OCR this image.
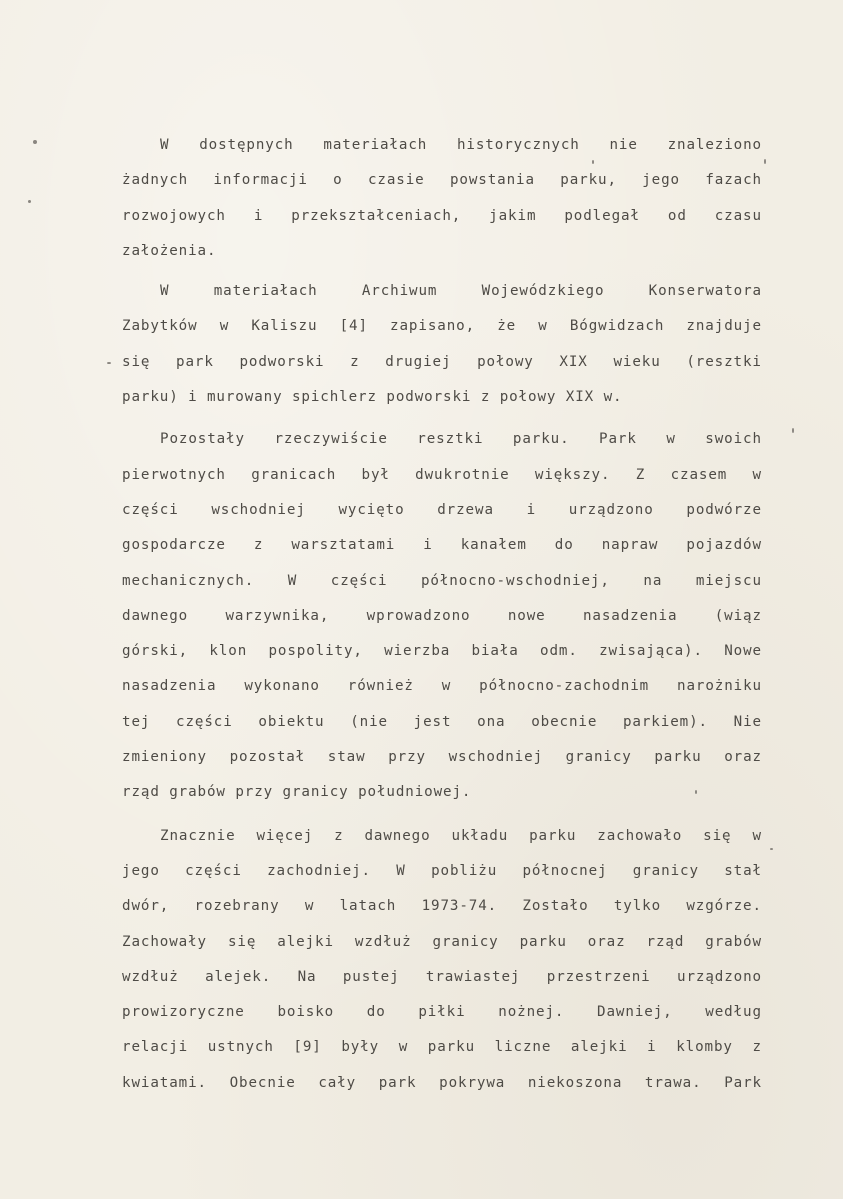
W dostępnych materiałach historycznych nie znaleziono
żadnych informacji o czasie powstania parku, jego fazach
rozwojowych i przekształceniach, jakim podlegał od czasu
założenia.
W	materiałach	Archiwum	Wojewódzkiego	Konserwatora
Zabytków w Kaliszu [4] zapisano, że w Bógwidzach znajduje
się park podworski z drugiej połowy XIX wieku (resztki
parku) i murowany spichlerz podworski z połowy XIX w.
Pozostały rzeczywiście resztki parku. Park w swoich
pierwotnych granicach był dwukrotnie większy. Z czasem w
części wschodniej wycięto drzewa i urządzono podwórze
gospodarcze z warsztatami i kanałem do napraw pojazdów
mechanicznych. W części północno-wschodniej, na miejscu
dawnego	warzywnika,	wprowadzono	nowe	nasadzenia	(wiąz
górski, klon pospolity, wierzba biała odm. zwisająca). Nowe
nasadzenia wykonano również w północno-zachodnim narożniku
tej części obiektu (nie jest ona obecnie parkiem). Nie
zmieniony pozostał staw przy wschodniej granicy parku oraz
rząd grabów przy granicy południowej.
Znacznie więcej z dawnego układu parku zachowało się w
jego części zachodniej. W pobliżu północnej granicy stał
dwór, rozebrany w latach 1973-74. Zostało tylko wzgórze.
Zachowały się alejki wzdłuż granicy parku oraz rząd grabów
wzdłuż alejek. Na pustej trawiastej przestrzeni urządzono
prowizoryczne boisko do piłki nożnej. Dawniej, według
relacji ustnych [9] były w parku liczne alejki i klomby z
kwiatami. Obecnie cały park pokrywa niekoszona trawa. Park
